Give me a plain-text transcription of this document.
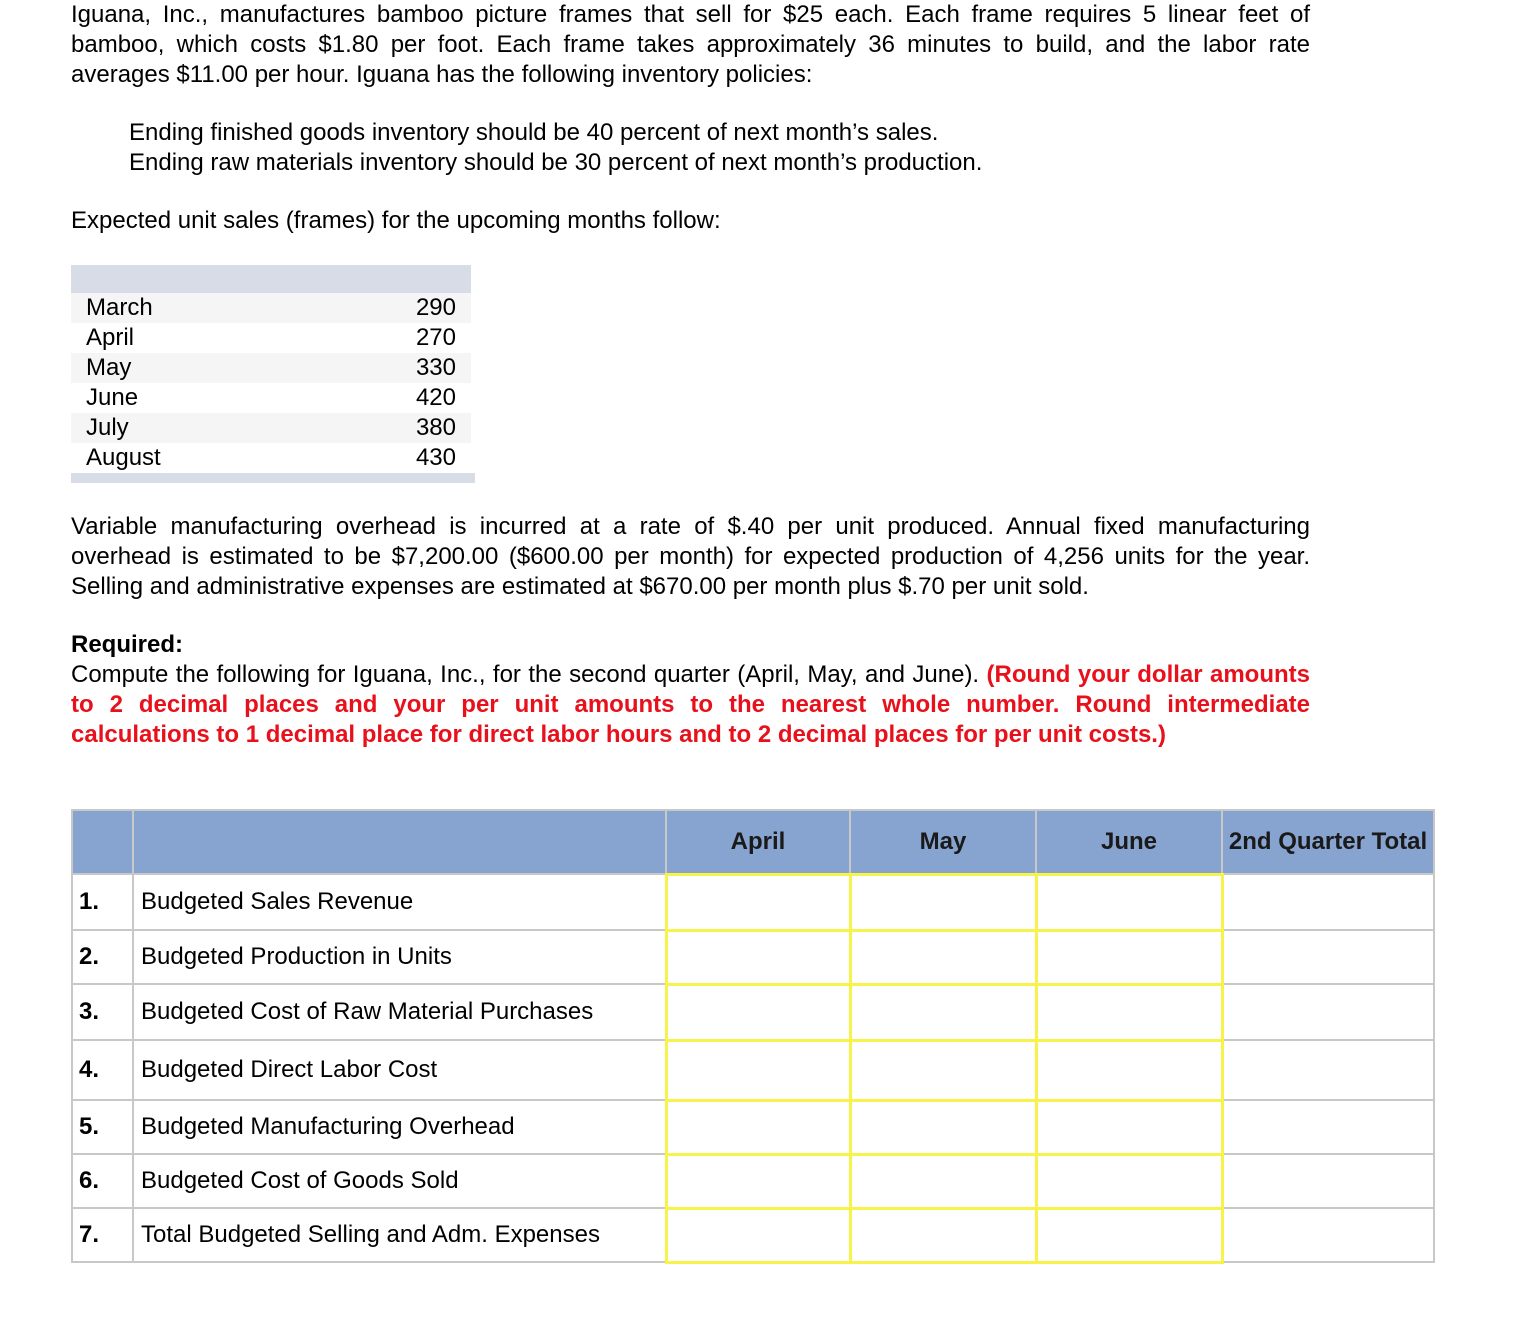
Iguana, Inc., manufactures bamboo picture frames that sell for $25 each. Each frame requires 5 linear feet of bamboo, which costs $1.80 per foot. Each frame takes approximately 36 minutes to build, and the labor rate averages $11.00 per hour. Iguana has the following inventory policies:
Ending finished goods inventory should be 40 percent of next month’s sales.
Ending raw materials inventory should be 30 percent of next month’s production.
Expected unit sales (frames) for the upcoming months follow:
March	290
April	270
May	330
June	420
July	380
August	430
Variable manufacturing overhead is incurred at a rate of $.40 per unit produced. Annual fixed manufacturing overhead is estimated to be $7,200.00 ($600.00 per month) for expected production of 4,256 units for the year. Selling and administrative expenses are estimated at $670.00 per month plus $.70 per unit sold.
Required:
Compute the following for Iguana, Inc., for the second quarter (April, May, and June). (Round your dollar amounts to 2 decimal places and your per unit amounts to the nearest whole number. Round intermediate calculations to 1 decimal place for direct labor hours and to 2 decimal places for per unit costs.)
		April	May	June	2nd Quarter Total
1.	Budgeted Sales Revenue				
2.	Budgeted Production in Units				
3.	Budgeted Cost of Raw Material Purchases				
4.	Budgeted Direct Labor Cost				
5.	Budgeted Manufacturing Overhead				
6.	Budgeted Cost of Goods Sold				
7.	Total Budgeted Selling and Adm. Expenses				
